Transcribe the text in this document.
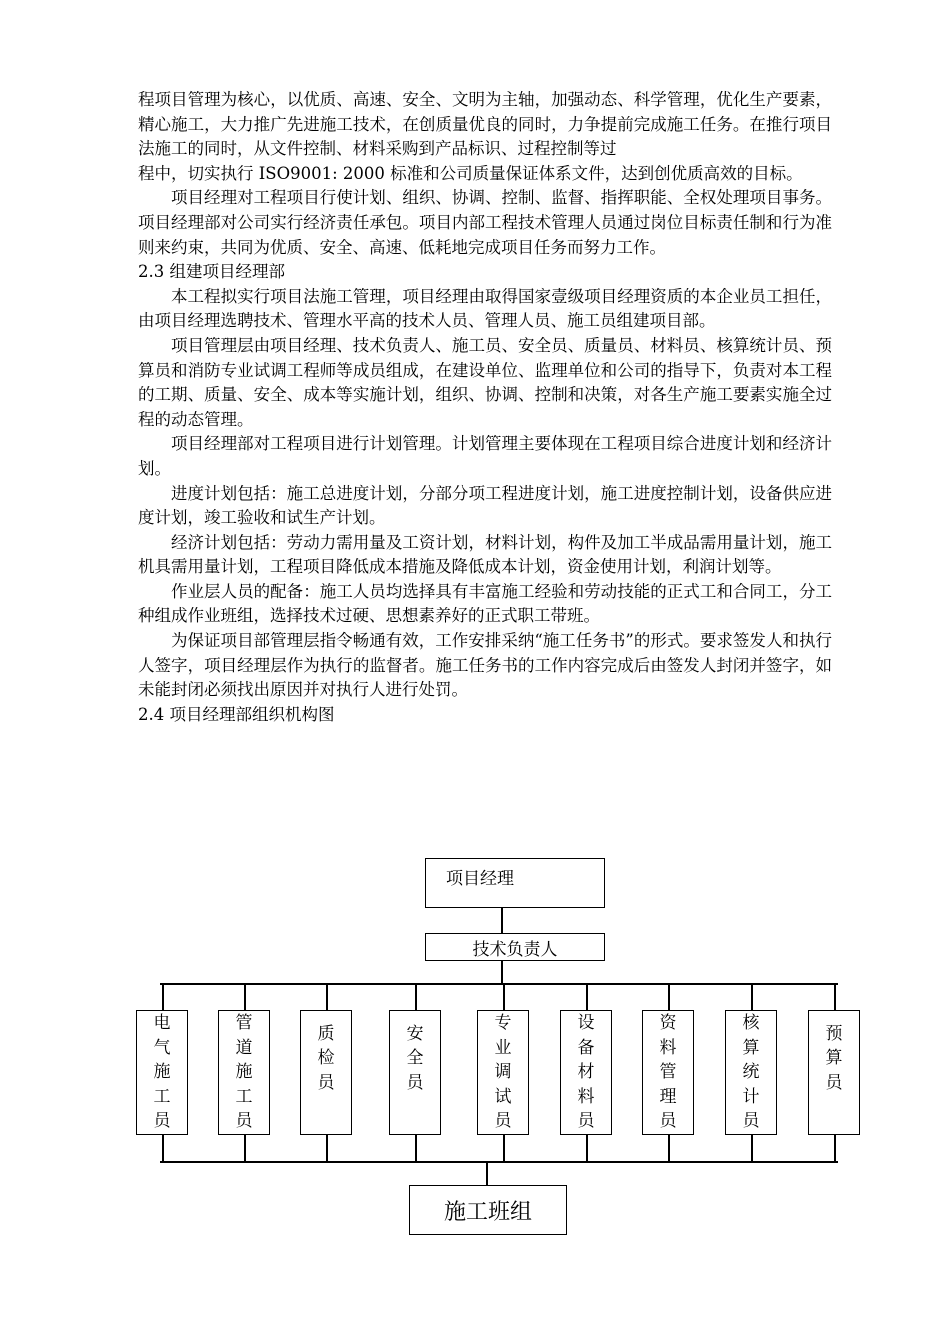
程项目管理为核心，以优质、高速、安全、文明为主轴，加强动态、科学管理，优化生产要素，精心施工，大力推广先进施工技术，在创质量优良的同时，力争提前完成施工任务。在推行项目法施工的同时，从文件控制、材料采购到产品标识、过程控制等过

程中，切实执行 ISO9001: 2000 标准和公司质量保证体系文件，达到创优质高效的目标。

项目经理对工程项目行使计划、组织、协调、控制、监督、指挥职能、全权处理项目事务。项目经理部对公司实行经济责任承包。项目内部工程技术管理人员通过岗位目标责任制和行为准则来约束，共同为优质、安全、高速、低耗地完成项目任务而努力工作。

2.3 组建项目经理部

本工程拟实行项目法施工管理，项目经理由取得国家壹级项目经理资质的本企业员工担任，由项目经理选聘技术、管理水平高的技术人员、管理人员、施工员组建项目部。

项目管理层由项目经理、技术负责人、施工员、安全员、质量员、材料员、核算统计员、预算员和消防专业试调工程师等成员组成，在建设单位、监理单位和公司的指导下，负责对本工程的工期、质量、安全、成本等实施计划，组织、协调、控制和决策，对各生产施工要素实施全过程的动态管理。

项目经理部对工程项目进行计划管理。计划管理主要体现在工程项目综合进度计划和经济计划。

进度计划包括：施工总进度计划，分部分项工程进度计划，施工进度控制计划，设备供应进度计划，竣工验收和试生产计划。

经济计划包括：劳动力需用量及工资计划，材料计划，构件及加工半成品需用量计划，施工机具需用量计划，工程项目降低成本措施及降低成本计划，资金使用计划，利润计划等。

作业层人员的配备：施工人员均选择具有丰富施工经验和劳动技能的正式工和合同工，分工种组成作业班组，选择技术过硬、思想素养好的正式职工带班。

为保证项目部管理层指令畅通有效，工作安排采纳“施工任务书”的形式。要求签发人和执行人签字，项目经理层作为执行的监督者。施工任务书的工作内容完成后由签发人封闭并签字，如未能封闭必须找出原因并对执行人进行处罚。

2.4 项目经理部组织机构图

项目经理
技术负责人
电
气
施
工
员
管
道
施
工
员
质
检
员
安
全
员
专
业
调
试
员
设
备
材
料
员
资
料
管
理
员
核
算
统
计
员
预
算
员
施工班组
